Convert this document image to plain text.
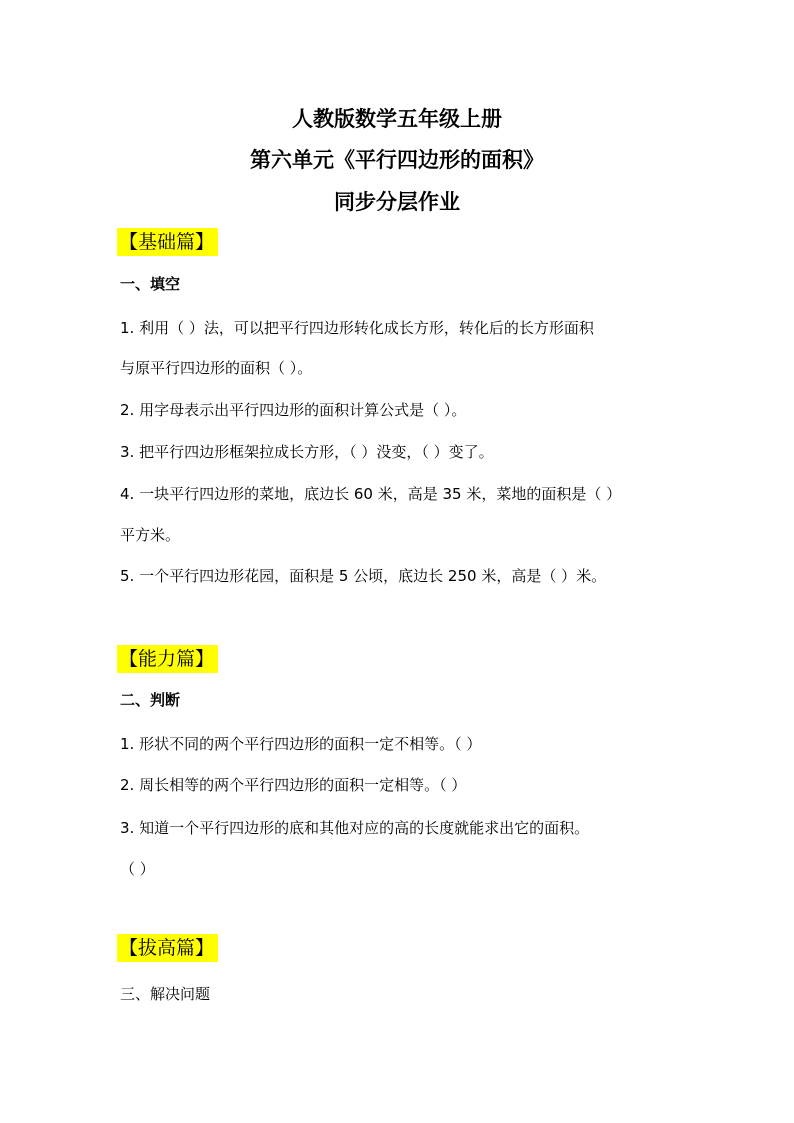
人教版数学五年级上册
第六单元《平行四边形的面积》
同步分层作业
【基础篇】
一、填空
1. 利用（ ）法，可以把平行四边形转化成长方形，转化后的长方形面积
与原平行四边形的面积（ ）。
2. 用字母表示出平行四边形的面积计算公式是（ ）。
3. 把平行四边形框架拉成长方形，（ ）没变，（ ）变了。
4. 一块平行四边形的菜地，底边长 60 米，高是 35 米，菜地的面积是（ ）
平方米。
5. 一个平行四边形花园，面积是 5 公顷，底边长 250 米，高是（ ）米。
【能力篇】
二、判断
1. 形状不同的两个平行四边形的面积一定不相等。（ ）
2. 周长相等的两个平行四边形的面积一定相等。（ ）
3. 知道一个平行四边形的底和其他对应的高的长度就能求出它的面积。
（ ）
【拔高篇】
三、解决问题
